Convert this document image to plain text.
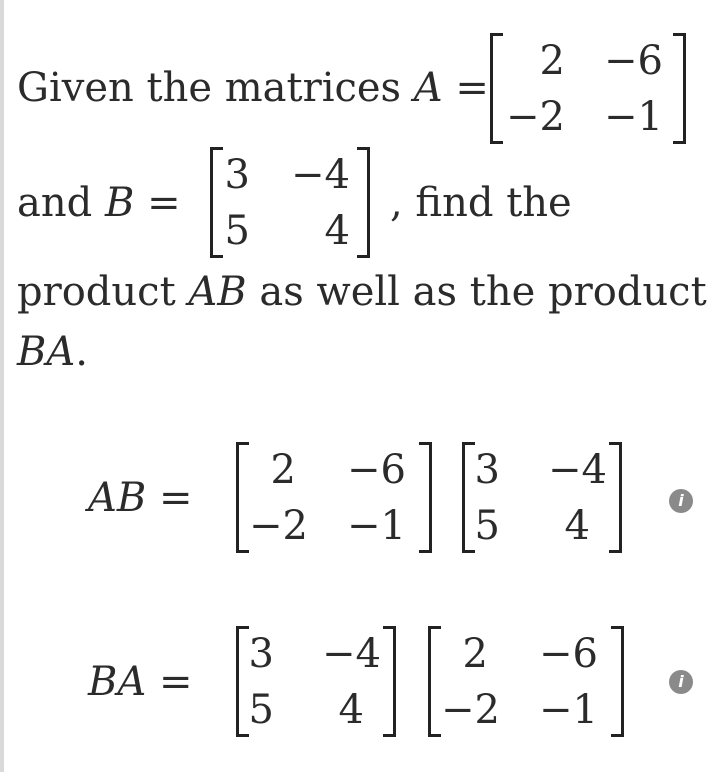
Given the matrices A =
2 −6
−2 −1
and B =
3 −4
5	4
, find the
product AB as well as the product
BA.
AB =
2 −6
−2 −1
3 −4
5	4
i
BA =
3 −4
5	4
2 −6
−2 −1
i
